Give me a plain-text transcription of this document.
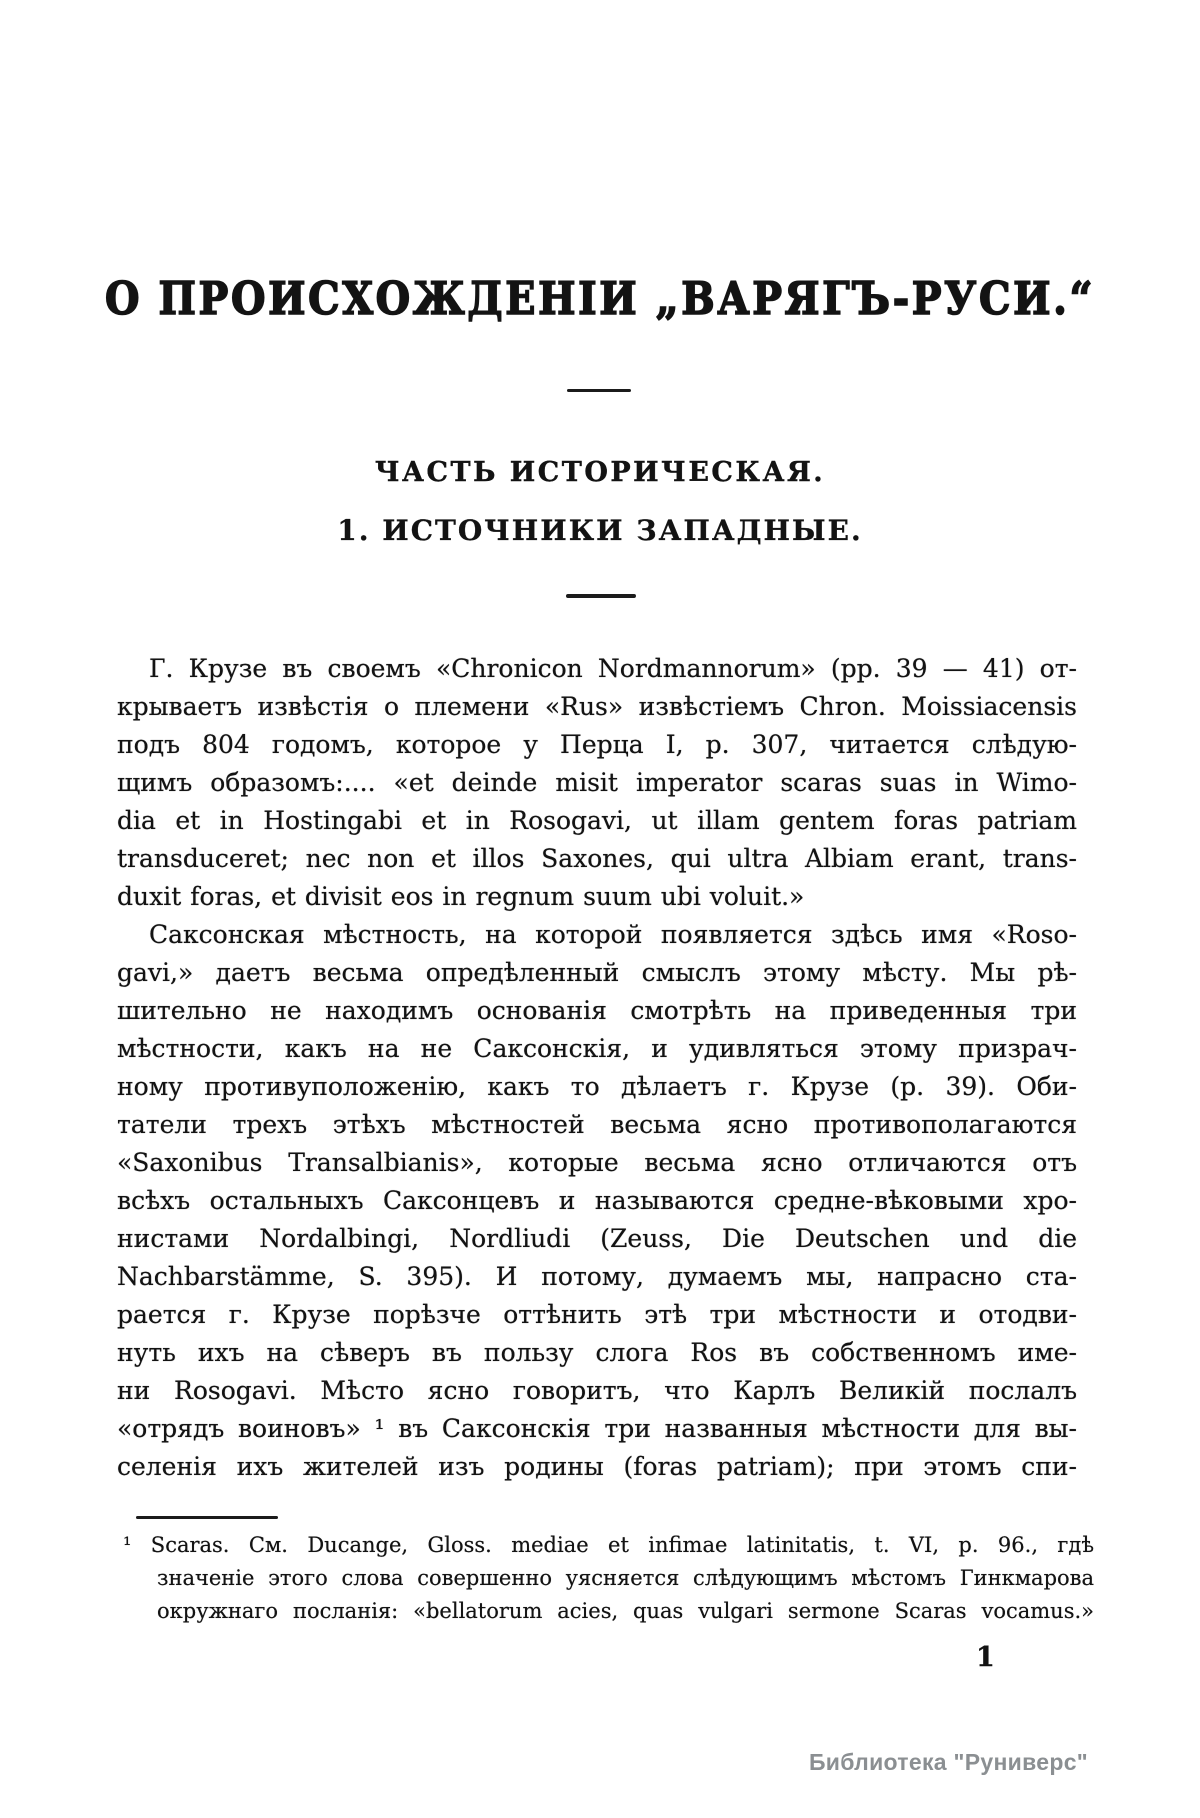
О ПРОИСХОЖДЕНІИ „ВАРЯГЪ-РУСИ.“
ЧАСТЬ ИСТОРИЧЕСКАЯ.
1. ИСТОЧНИКИ ЗАПАДНЫЕ.
Г. Крузе въ своемъ «Chronicon Nordmannorum» (pp. 39 — 41) от-
крываетъ извѣстія о племени «Rus» извѣстіемъ Chron. Moissiacensis
подъ 804 годомъ, которое у Перца I, p. 307, читается слѣдую-
щимъ образомъ:.... «et deinde misit imperator scaras suas in Wimo-
dia et in Hostingabi et in Rosogavi, ut illam gentem foras patriam
transduceret; nec non et illos Saxones, qui ultra Albiam erant, trans-
duxit foras, et divisit eos in regnum suum ubi voluit.»
Саксонская мѣстность, на которой появляется здѣсь имя «Roso-
gavi,» даетъ весьма опредѣленный смыслъ этому мѣсту. Мы рѣ-
шительно не находимъ основанія смотрѣть на приведенныя три
мѣстности, какъ на не Саксонскія, и удивляться этому призрач-
ному противуположенію, какъ то дѣлаетъ г. Крузе (p. 39). Оби-
татели трехъ этѣхъ мѣстностей весьма ясно противополагаются
«Saxonibus Transalbianis», которые весьма ясно отличаются отъ
всѣхъ остальныхъ Саксонцевъ и называются средне-вѣковыми хро-
нистами Nordalbingi, Nordliudi (Zeuss, Die Deutschen und die
Nachbarstämme, S. 395). И потому, думаемъ мы, напрасно ста-
рается г. Крузе порѣзче оттѣнить этѣ три мѣстности и отодви-
нуть ихъ на сѣверъ въ пользу слога Ros въ собственномъ име-
ни Rosogavi. Мѣсто ясно говоритъ, что Карлъ Великій послалъ
«отрядъ воиновъ» ¹ въ Саксонскія три названныя мѣстности для вы-
селенія ихъ жителей изъ родины (foras patriam); при этомъ спи-
¹ Scaras. См. Ducange, Gloss. mediae et infimae latinitatis, t. VI, p. 96., гдѣ
значеніе этого слова совершенно уясняется слѣдующимъ мѣстомъ Гинкмарова
окружнаго посланія: «bellatorum acies, quas vulgari sermone Scaras vocamus.»
1
Библиотека "Руниверс"
